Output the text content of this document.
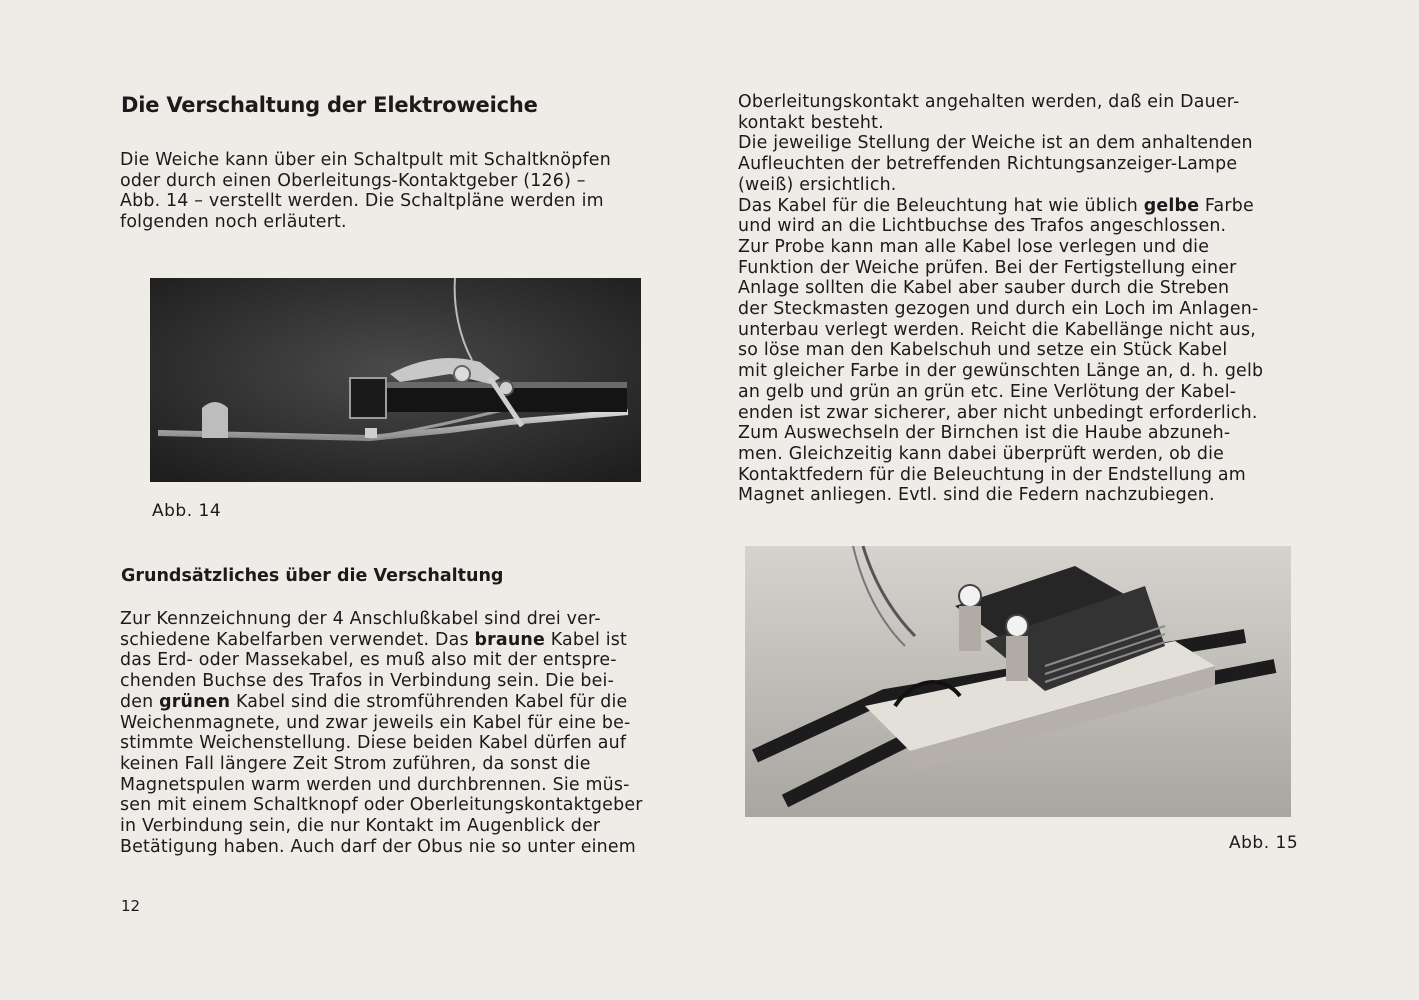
Die Verschaltung der Elektroweiche
Die Weiche kann über ein Schaltpult mit Schaltknöpfen
oder durch einen Oberleitungs-Kontaktgeber (126) –
Abb. 14 – verstellt werden. Die Schaltpläne werden im
folgenden noch erläutert.
Abb. 14
Grundsätzliches über die Verschaltung
Zur Kennzeichnung der 4 Anschlußkabel sind drei ver-
schiedene Kabelfarben verwendet. Das braune Kabel ist
das Erd- oder Massekabel, es muß also mit der entspre-
chenden Buchse des Trafos in Verbindung sein. Die bei-
den grünen Kabel sind die stromführenden Kabel für die
Weichenmagnete, und zwar jeweils ein Kabel für eine be-
stimmte Weichenstellung. Diese beiden Kabel dürfen auf
keinen Fall längere Zeit Strom zuführen, da sonst die
Magnetspulen warm werden und durchbrennen. Sie müs-
sen mit einem Schaltknopf oder Oberleitungskontaktgeber
in Verbindung sein, die nur Kontakt im Augenblick der
Betätigung haben. Auch darf der Obus nie so unter einem
12
Oberleitungskontakt angehalten werden, daß ein Dauer-
kontakt besteht.
Die jeweilige Stellung der Weiche ist an dem anhaltenden
Aufleuchten der betreffenden Richtungsanzeiger-Lampe
(weiß) ersichtlich.
Das Kabel für die Beleuchtung hat wie üblich gelbe Farbe
und wird an die Lichtbuchse des Trafos angeschlossen.
Zur Probe kann man alle Kabel lose verlegen und die
Funktion der Weiche prüfen. Bei der Fertigstellung einer
Anlage sollten die Kabel aber sauber durch die Streben
der Steckmasten gezogen und durch ein Loch im Anlagen-
unterbau verlegt werden. Reicht die Kabellänge nicht aus,
so löse man den Kabelschuh und setze ein Stück Kabel
mit gleicher Farbe in der gewünschten Länge an, d. h. gelb
an gelb und grün an grün etc. Eine Verlötung der Kabel-
enden ist zwar sicherer, aber nicht unbedingt erforderlich.
Zum Auswechseln der Birnchen ist die Haube abzuneh-
men. Gleichzeitig kann dabei überprüft werden, ob die
Kontaktfedern für die Beleuchtung in der Endstellung am
Magnet anliegen. Evtl. sind die Federn nachzubiegen.
Abb. 15
